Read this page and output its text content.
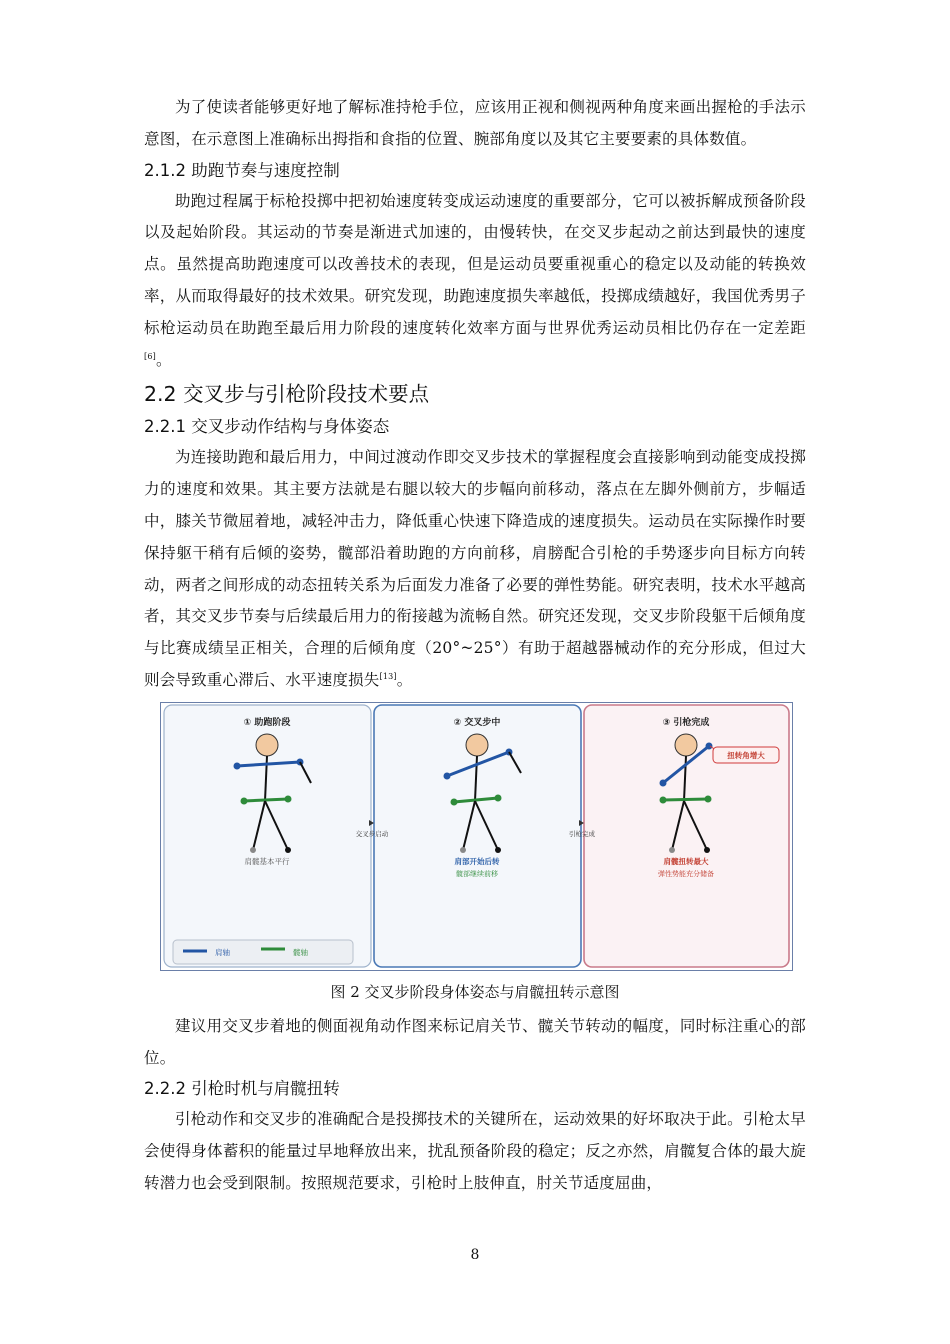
为了使读者能够更好地了解标准持枪手位，应该用正视和侧视两种角度来画出握枪的手法示意图，在示意图上准确标出拇指和食指的位置、腕部角度以及其它主要要素的具体数值。

2.1.2 助跑节奏与速度控制

助跑过程属于标枪投掷中把初始速度转变成运动速度的重要部分，它可以被拆解成预备阶段以及起始阶段。其运动的节奏是渐进式加速的，由慢转快，在交叉步起动之前达到最快的速度点。虽然提高助跑速度可以改善技术的表现，但是运动员要重视重心的稳定以及动能的转换效率，从而取得最好的技术效果。研究发现，助跑速度损失率越低，投掷成绩越好，我国优秀男子标枪运动员在助跑至最后用力阶段的速度转化效率方面与世界优秀运动员相比仍存在一定差距[6]。

2.2 交叉步与引枪阶段技术要点
2.2.1 交叉步动作结构与身体姿态

为连接助跑和最后用力，中间过渡动作即交叉步技术的掌握程度会直接影响到动能变成投掷力的速度和效果。其主要方法就是右腿以较大的步幅向前移动，落点在左脚外侧前方，步幅适中，膝关节微屈着地，减轻冲击力，降低重心快速下降造成的速度损失。运动员在实际操作时要保持躯干稍有后倾的姿势，髋部沿着助跑的方向前移，肩膀配合引枪的手势逐步向目标方向转动，两者之间形成的动态扭转关系为后面发力准备了必要的弹性势能。研究表明，技术水平越高者，其交叉步节奏与后续最后用力的衔接越为流畅自然。研究还发现，交叉步阶段躯干后倾角度与比赛成绩呈正相关，合理的后倾角度（20°~25°）有助于超越器械动作的充分形成，但过大则会导致重心滞后、水平速度损失[13]。

① 助跑阶段	② 交叉步中	③ 引枪完成
肩髋基本平行	肩部开始后转
髋部继续前移
扭转角增大
肩髋扭转最大
弹性势能充分储备
交叉步启动	引枪完成
肩轴	髋轴
图 2 交叉步阶段身体姿态与肩髋扭转示意图

建议用交叉步着地的侧面视角动作图来标记肩关节、髋关节转动的幅度，同时标注重心的部位。

2.2.2 引枪时机与肩髋扭转

引枪动作和交叉步的准确配合是投掷技术的关键所在，运动效果的好坏取决于此。引枪太早会使得身体蓄积的能量过早地释放出来，扰乱预备阶段的稳定；反之亦然，肩髋复合体的最大旋转潜力也会受到限制。按照规范要求，引枪时上肢伸直，肘关节适度屈曲，

8
